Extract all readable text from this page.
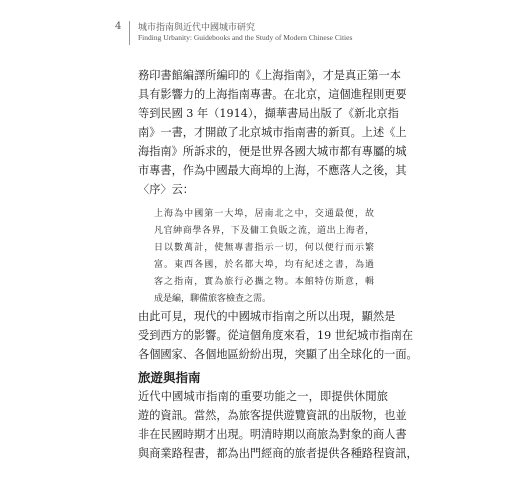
4 城市指南與近代中國城市研究
Finding Urbanity: Guidebooks and the Study of Modern Chinese Cities
務印書館編譯所編印的《上海指南》，才是真正第一本
具有影響力的上海指南專書。在北京，這個進程則更要
等到民國 3 年（1914），擷華書局出版了《新北京指
南》一書，才開啟了北京城市指南書的新頁。上述《上
海指南》所訴求的，便是世界各國大城市都有專屬的城
市專書，作為中國最大商埠的上海，不應落人之後，其
〈序〉云：
上海為中國第一大埠，居南北之中，交通最便，故
凡官紳商學各界，下及傭工負販之流，道出上海者，
日以數萬計，使無專書指示一切，何以便行而示繁
富。東西各國，於名都大埠，均有紀述之書，為過
客之指南，實為旅行必攜之物。本館特仿斯意，輯
成是編，聊備旅客檢查之需。
由此可見，現代的中國城市指南之所以出現，顯然是
受到西方的影響。從這個角度來看，19 世紀城市指南在
各個國家、各個地區紛紛出現，突顯了出全球化的一面。
旅遊與指南
近代中國城市指南的重要功能之一，即提供休閒旅
遊的資訊。當然，為旅客提供遊覽資訊的出版物，也並
非在民國時期才出現。明清時期以商旅為對象的商人書
與商業路程書，都為出門經商的旅者提供各種路程資訊，
